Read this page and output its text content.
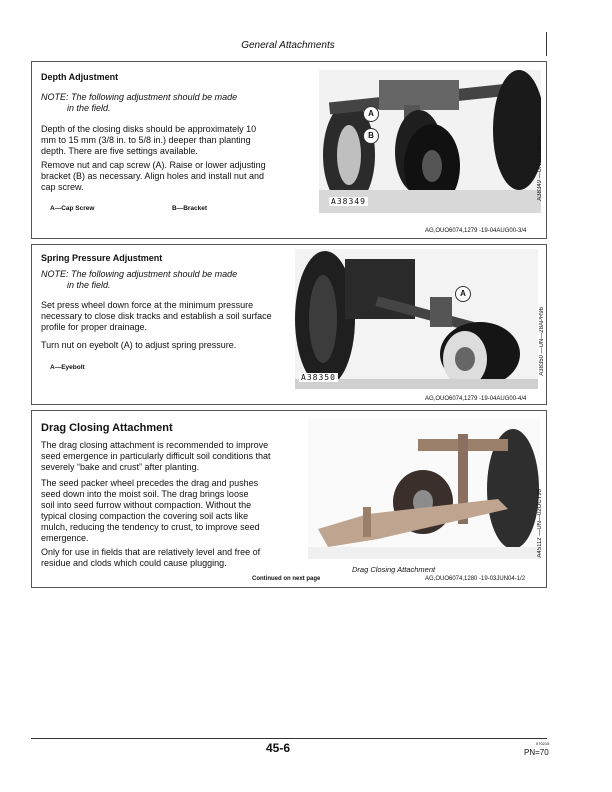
General Attachments
Depth Adjustment
NOTE: The following adjustment should be made
in the field.
Depth of the closing disks should be approximately 10
mm to 15 mm (3/8 in. to 5/8 in.) deeper than planting
depth. There are five settings available.
Remove nut and cap screw (A). Raise or lower adjusting
bracket (B) as necessary. Align holes and install nut and
cap screw.
A—Cap Screw	B—Bracket
A
B
A38349
A38349 —UN—17APR97
AG,OUO6074,1279 -19-04AUG00-3/4
Spring Pressure Adjustment
NOTE: The following adjustment should be made
in the field.
Set press wheel down force at the minimum pressure
necessary to close disk tracks and establish a soil surface
profile for proper drainage.
Turn nut on eyebolt (A) to adjust spring pressure.
A—Eyebolt
A
A38350
A38350 —UN—28APR96
AG,OUO6074,1279 -19-04AUG00-4/4
Drag Closing Attachment
The drag closing attachment is recommended to improve
seed emergence in particularly difficult soil conditions that
severely “bake and crust” after planting.
The seed packer wheel precedes the drag and pushes
seed down into the moist soil. The drag brings loose
soil into seed furrow without compaction. Without the
typical closing compaction the covering soil acts like
mulch, reducing the tendency to crust, to improve seed
emergence.
Only for use in fields that are relatively level and free of
residue and clods which could cause plugging.
Drag Closing Attachment
A45112 —UN—02OCT98
Continued on next page	AG,OUO6074,1280 -19-03JUN04-1/2
45-6	070215
PN=70
